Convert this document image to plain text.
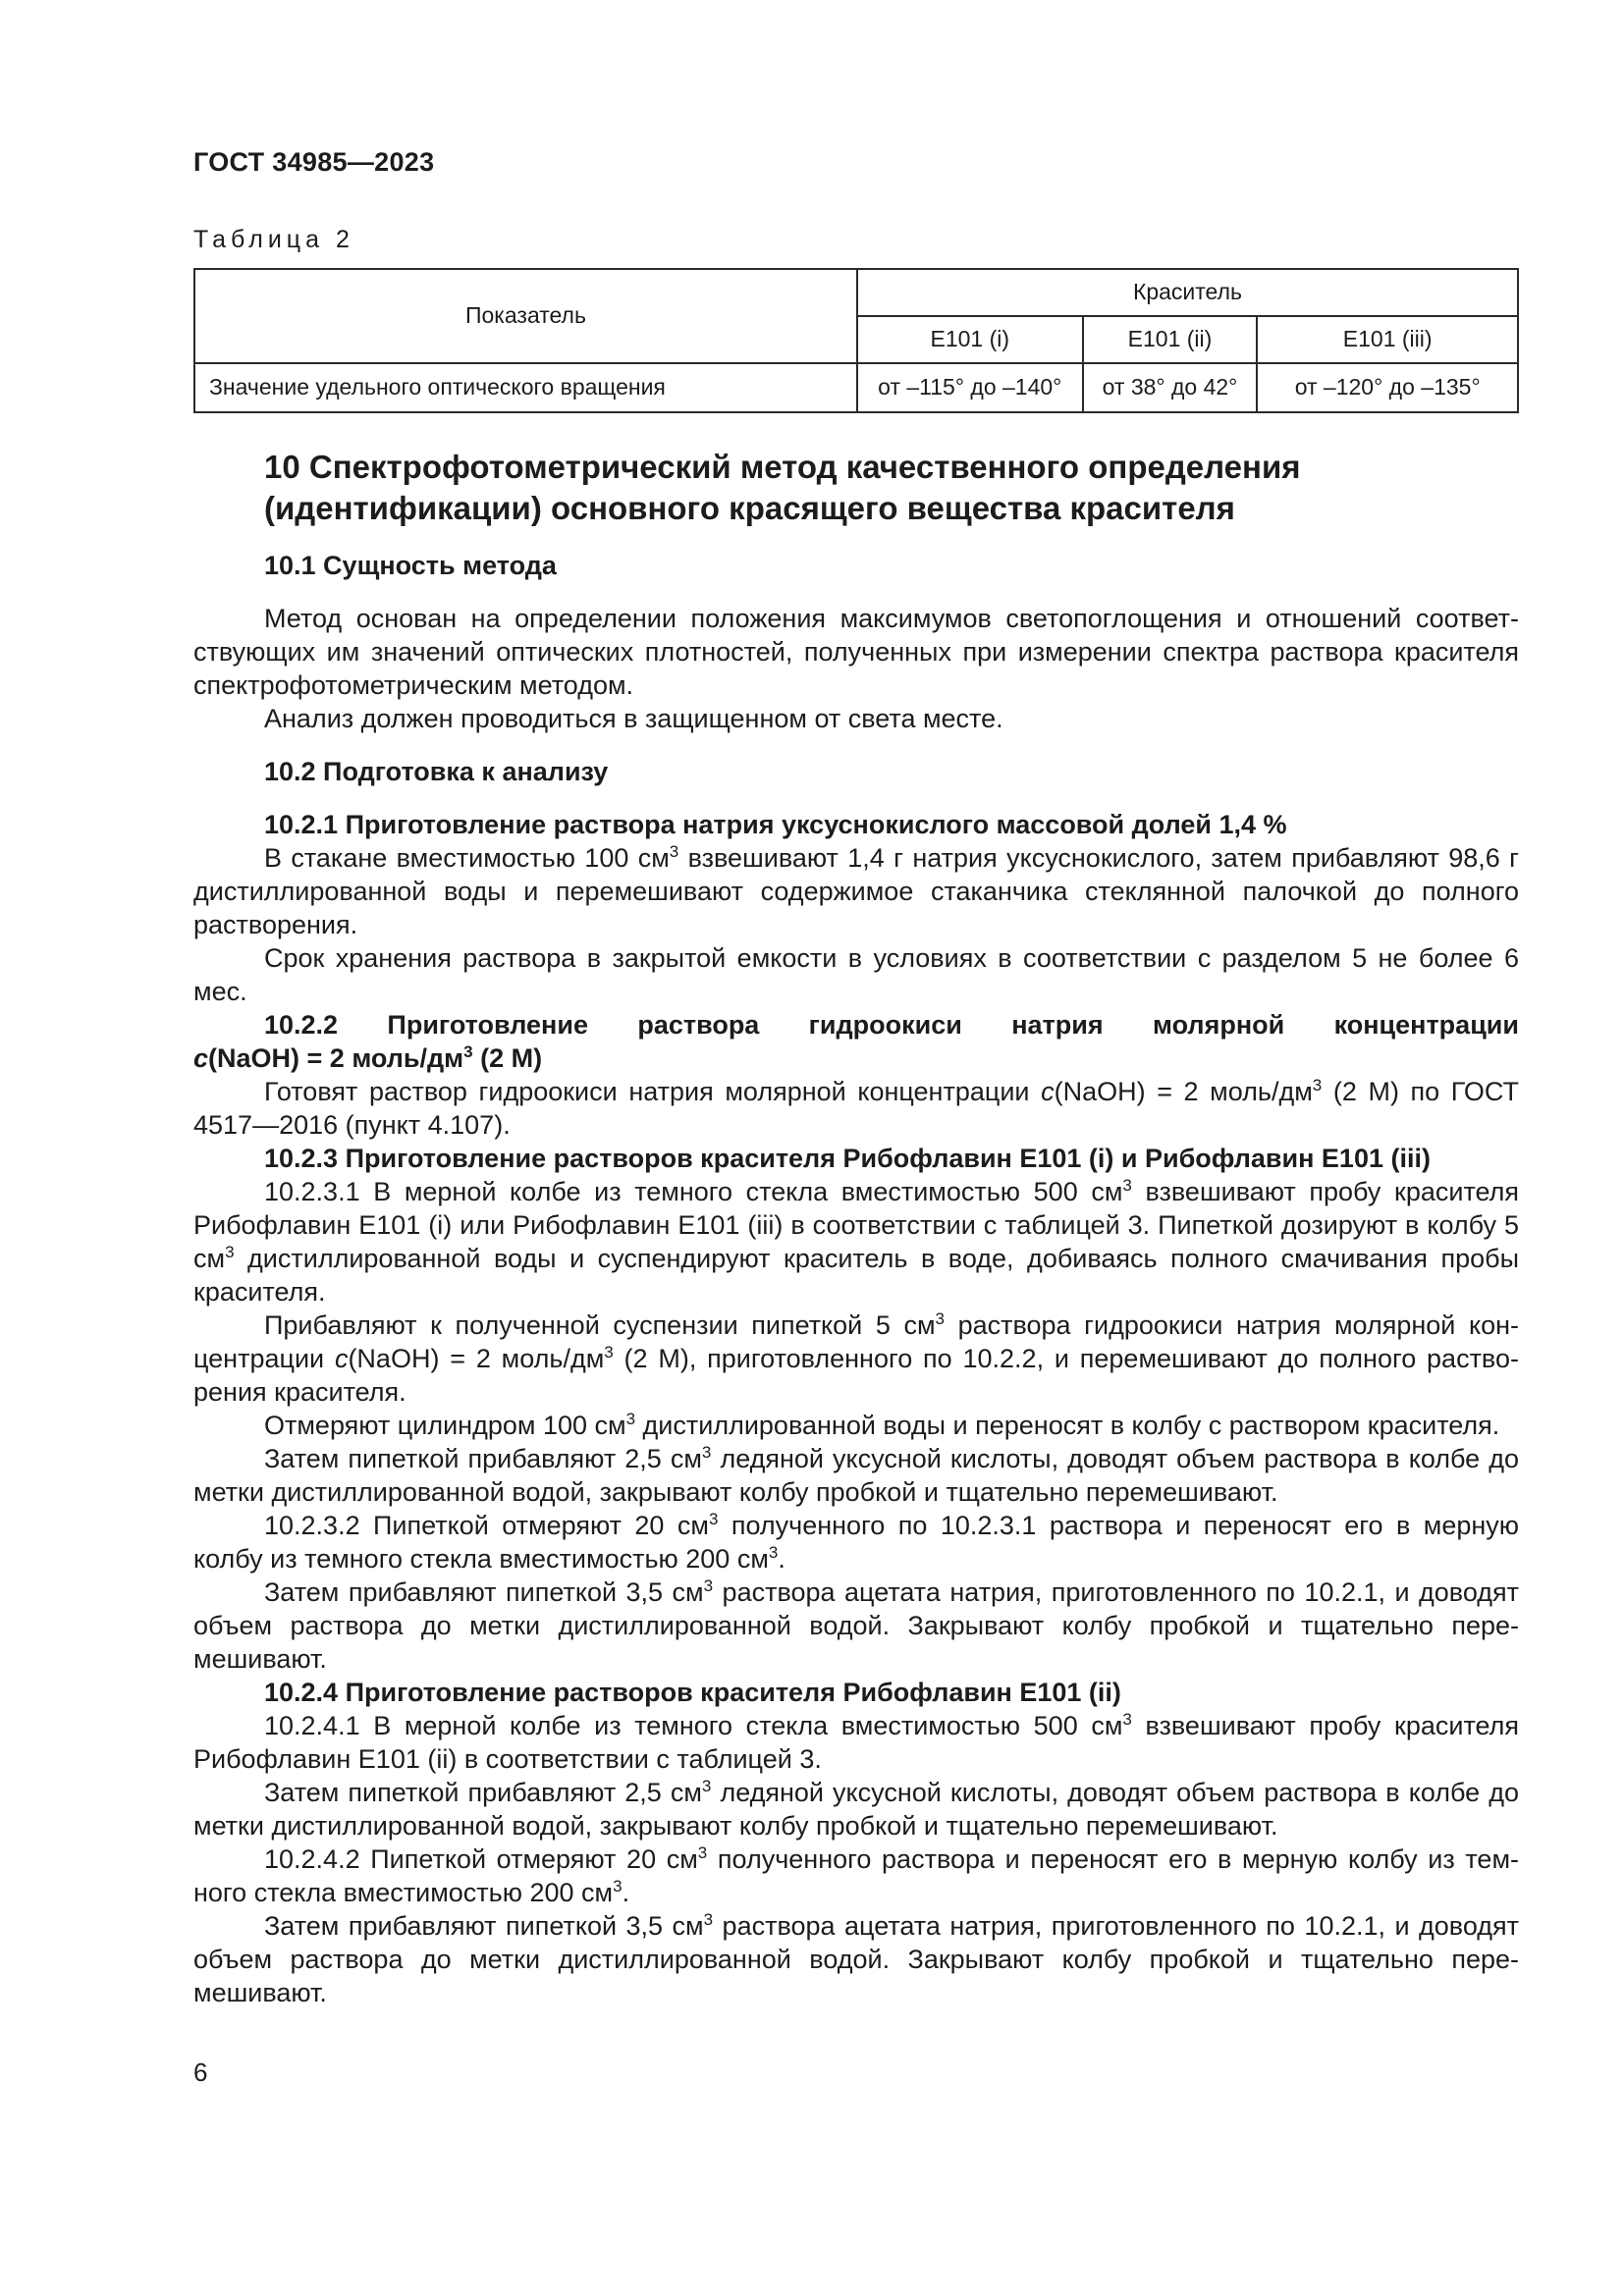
ГОСТ 34985—2023
Таблица 2
Показатель	Краситель		
	E101 (i)	E101 (ii)	E101 (iii)
Значение удельного оптического вращения	от –115° до –140°	от 38° до 42°	от –120° до –135°
10 Спектрофотометрический метод качественного определения (идентификации) основного красящего вещества красителя
10.1 Сущность метода

Метод основан на определении положения максимумов светопоглощения и отношений соответствующих им значений оптических плотностей, полученных при измерении спектра раствора красителя спектрофотометрическим методом.

Анализ должен проводиться в защищенном от света месте.

10.2 Подготовка к анализу
10.2.1 Приготовление раствора натрия уксуснокислого массовой долей 1,4 %

В стакане вместимостью 100 $см^3$ взвешивают 1,4 г натрия уксуснокислого, затем прибавляют 98,6 г дистиллированной воды и перемешивают содержимое стаканчика стеклянной палочкой до полного растворения.

Срок хранения раствора в закрытой емкости в условиях в соответствии с разделом 5 не более 6 мес.

10.2.2 Приготовление раствора гидроокиси натрия молярной концентрации

c(NaOH) = 2 моль/$дм^3$ (2 М)

Готовят раствор гидроокиси натрия молярной концентрации c(NaOH) = 2 моль/$дм^3$ (2 М) по ГОСТ 4517—2016 (пункт 4.107).

10.2.3 Приготовление растворов красителя Рибофлавин Е101 (i) и Рибофлавин Е101 (iii)

10.2.3.1 В мерной колбе из темного стекла вместимостью 500 $см^3$ взвешивают пробу красителя Рибофлавин Е101 (i) или Рибофлавин Е101 (iii) в соответствии с таблицей 3. Пипеткой дозируют в колбу 5 $см^3$ дистиллированной воды и суспендируют краситель в воде, добиваясь полного смачивания пробы красителя.

Прибавляют к полученной суспензии пипеткой 5 $см^3$ раствора гидроокиси натрия молярной концентрации c(NaOH) = 2 моль/$дм^3$ (2 М), приготовленного по 10.2.2, и перемешивают до полного растворения красителя.

Отмеряют цилиндром 100 $см^3$ дистиллированной воды и переносят в колбу с раствором красителя.

Затем пипеткой прибавляют 2,5 $см^3$ ледяной уксусной кислоты, доводят объем раствора в колбе до метки дистиллированной водой, закрывают колбу пробкой и тщательно перемешивают.

10.2.3.2 Пипеткой отмеряют 20 $см^3$ полученного по 10.2.3.1 раствора и переносят его в мерную колбу из темного стекла вместимостью 200 $см^3$.

Затем прибавляют пипеткой 3,5 $см^3$ раствора ацетата натрия, приготовленного по 10.2.1, и доводят объем раствора до метки дистиллированной водой. Закрывают колбу пробкой и тщательно перемешивают.

10.2.4 Приготовление растворов красителя Рибофлавин Е101 (ii)

10.2.4.1 В мерной колбе из темного стекла вместимостью 500 $см^3$ взвешивают пробу красителя Рибофлавин Е101 (ii) в соответствии с таблицей 3.

Затем пипеткой прибавляют 2,5 $см^3$ ледяной уксусной кислоты, доводят объем раствора в колбе до метки дистиллированной водой, закрывают колбу пробкой и тщательно перемешивают.

10.2.4.2 Пипеткой отмеряют 20 $см^3$ полученного раствора и переносят его в мерную колбу из темного стекла вместимостью 200 $см^3$.

Затем прибавляют пипеткой 3,5 $см^3$ раствора ацетата натрия, приготовленного по 10.2.1, и доводят объем раствора до метки дистиллированной водой. Закрывают колбу пробкой и тщательно перемешивают.

6
